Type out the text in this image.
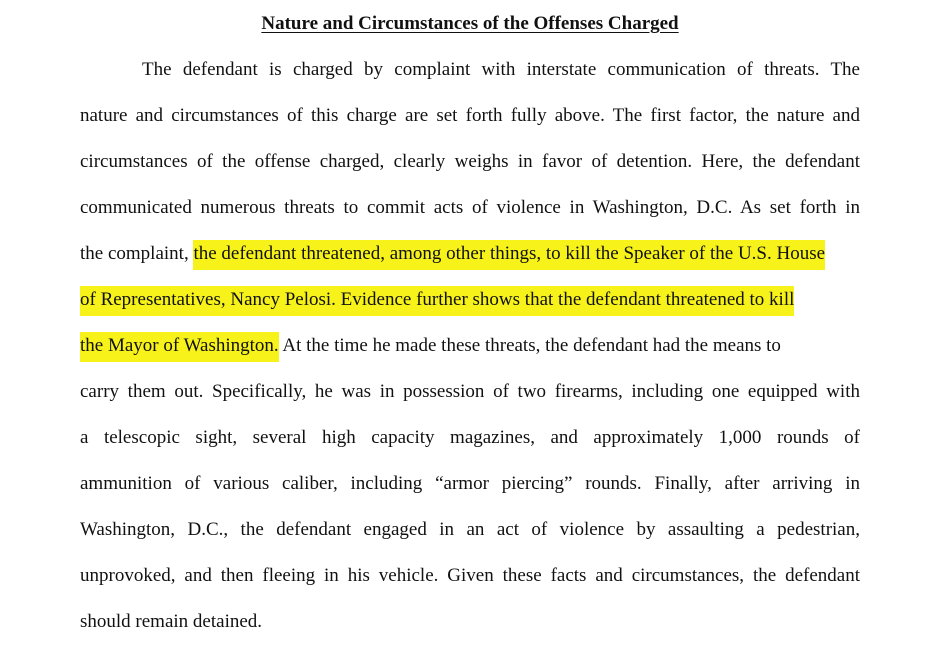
Nature and Circumstances of the Offenses Charged
The defendant is charged by complaint with interstate communication of threats. The
nature and circumstances of this charge are set forth fully above. The first factor, the nature and
circumstances of the offense charged, clearly weighs in favor of detention. Here, the defendant
communicated numerous threats to commit acts of violence in Washington, D.C. As set forth in
the complaint, the defendant threatened, among other things, to kill the Speaker of the U.S. House
of Representatives, Nancy Pelosi. Evidence further shows that the defendant threatened to kill
the Mayor of Washington. At the time he made these threats, the defendant had the means to
carry them out. Specifically, he was in possession of two firearms, including one equipped with
a telescopic sight, several high capacity magazines, and approximately 1,000 rounds of
ammunition of various caliber, including “armor piercing” rounds. Finally, after arriving in
Washington, D.C., the defendant engaged in an act of violence by assaulting a pedestrian,
unprovoked, and then fleeing in his vehicle. Given these facts and circumstances, the defendant
should remain detained.
